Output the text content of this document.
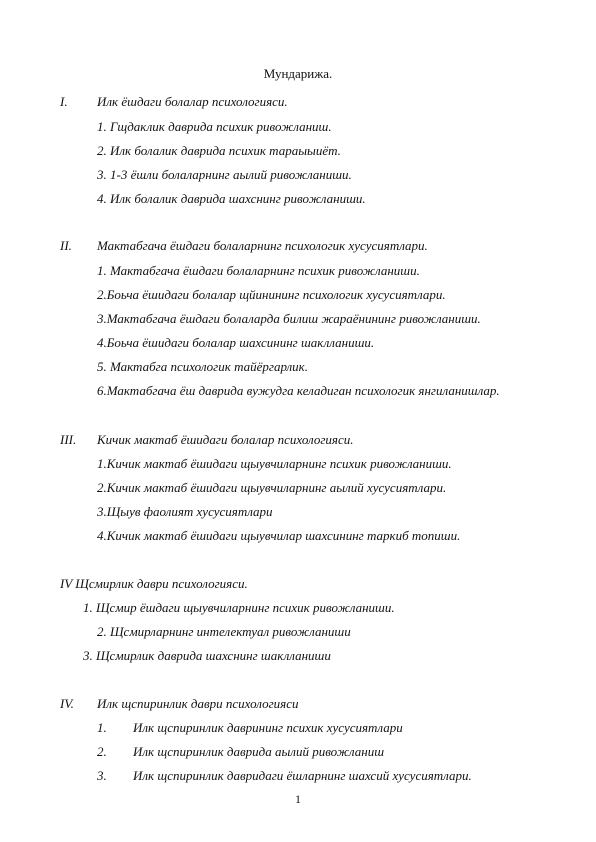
Мундарижа.
I. Илк ёшдаги болалар психологияси.
1. Гщдаклик даврида психик ривожланиш.
2. Илк болалик даврида психик тараыыиёт.
3. 1-3 ёшли болаларнинг аылий ривожланиши.
4. Илк болалик даврида шахснинг ривожланиши.
II. Мактабгача ёшдаги болаларнинг психологик хусусиятлари.
1. Мактабгача ёшдаги болаларнинг психик ривожланиши.
2.Боьча ёшидаги болалар щйинининг психологик хусусиятлари.
3.Мактабгача ёшдаги болаларда билиш жараёнининг ривожланиши.
4.Боьча ёшидаги болалар шахсининг шаклланиши.
5. Мактабга психологик тайёргарлик.
6.Мактабгача ёш даврида вужудга келадиган психологик янгиланишлар.
III. Кичик мактаб ёшидаги болалар психологияси.
1.Кичик мактаб ёшидаги щыувчиларнинг психик ривожланиши.
2.Кичик мактаб ёшидаги щыувчиларнинг аылий хусусиятлари.
3.Щыув фаолият хусусиятлари
4.Кичик мактаб ёшидаги щыувчилар шахсининг таркиб топиши.
IV Щсмирлик даври психологияси.
1. Щсмир ёшдаги щыувчиларнинг психик ривожланиши.
2. Щсмирларнинг интелектуал ривожланиши
3. Щсмирлик даврида шахснинг шаклланиши
IV. Илк щспиринлик даври психологияси
1. Илк щспиринлик даврининг психик хусусиятлари
2. Илк щспиринлик даврида аылий ривожланиш
3. Илк щспиринлик давридаги ёшларнинг шахсий хусусиятлари.
1
